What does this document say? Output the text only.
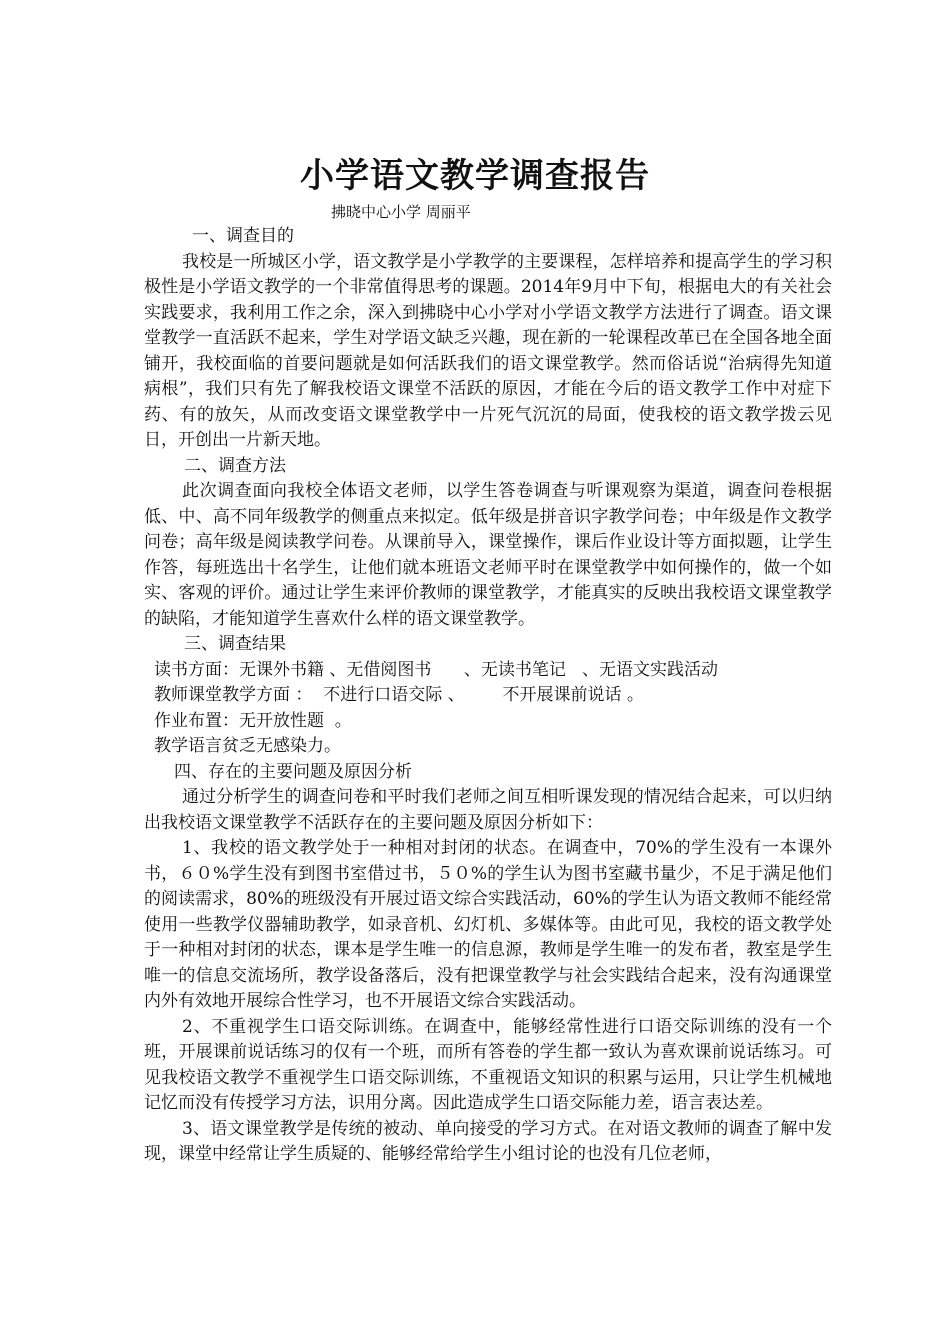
小学语文教学调查报告

拂晓中心小学 周丽平

一、调查目的

我校是一所城区小学，语文教学是小学教学的主要课程，怎样培养和提高学生的学习积极性是小学语文教学的一个非常值得思考的课题。2014年9月中下旬，根据电大的有关社会实践要求，我利用工作之余，深入到拂晓中心小学对小学语文教学方法进行了调查。语文课堂教学一直活跃不起来，学生对学语文缺乏兴趣，现在新的一轮课程改革已在全国各地全面铺开，我校面临的首要问题就是如何活跃我们的语文课堂教学。然而俗话说“治病得先知道病根”，我们只有先了解我校语文课堂不活跃的原因，才能在今后的语文教学工作中对症下药、有的放矢，从而改变语文课堂教学中一片死气沉沉的局面，使我校的语文教学拨云见日，开创出一片新天地。

二、调查方法

此次调查面向我校全体语文老师，以学生答卷调查与听课观察为渠道，调查问卷根据低、中、高不同年级教学的侧重点来拟定。低年级是拼音识字教学问卷；中年级是作文教学问卷；高年级是阅读教学问卷。从课前导入，课堂操作，课后作业设计等方面拟题，让学生作答，每班选出十名学生，让他们就本班语文老师平时在课堂教学中如何操作的，做一个如实、客观的评价。通过让学生来评价教师的课堂教学，才能真实的反映出我校语文课堂教学的缺陷，才能知道学生喜欢什么样的语文课堂教学。

三、调查结果

读书方面：无课外书籍 、无借阅图书      、无读书笔记   、无语文实践活动

教师课堂教学方面 ：  不进行口语交际 、       不开展课前说话 。

作业布置：无开放性题  。

教学语言贫乏无感染力。

四、存在的主要问题及原因分析

通过分析学生的调查问卷和平时我们老师之间互相听课发现的情况结合起来，可以归纳出我校语文课堂教学不活跃存在的主要问题及原因分析如下：

1、我校的语文教学处于一种相对封闭的状态。在调查中，70%的学生没有一本课外书，６０%学生没有到图书室借过书，５０%的学生认为图书室藏书量少，不足于满足他们的阅读需求，80%的班级没有开展过语文综合实践活动，60%的学生认为语文教师不能经常使用一些教学仪器辅助教学，如录音机、幻灯机、多媒体等。由此可见，我校的语文教学处于一种相对封闭的状态，课本是学生唯一的信息源，教师是学生唯一的发布者，教室是学生唯一的信息交流场所，教学设备落后，没有把课堂教学与社会实践结合起来，没有沟通课堂内外有效地开展综合性学习，也不开展语文综合实践活动。

2、不重视学生口语交际训练。在调查中，能够经常性进行口语交际训练的没有一个班，开展课前说话练习的仅有一个班，而所有答卷的学生都一致认为喜欢课前说话练习。可见我校语文教学不重视学生口语交际训练，不重视语文知识的积累与运用，只让学生机械地记忆而没有传授学习方法，识用分离。因此造成学生口语交际能力差，语言表达差。

3、语文课堂教学是传统的被动、单向接受的学习方式。在对语文教师的调查了解中发现，课堂中经常让学生质疑的、能够经常给学生小组讨论的也没有几位老师，
